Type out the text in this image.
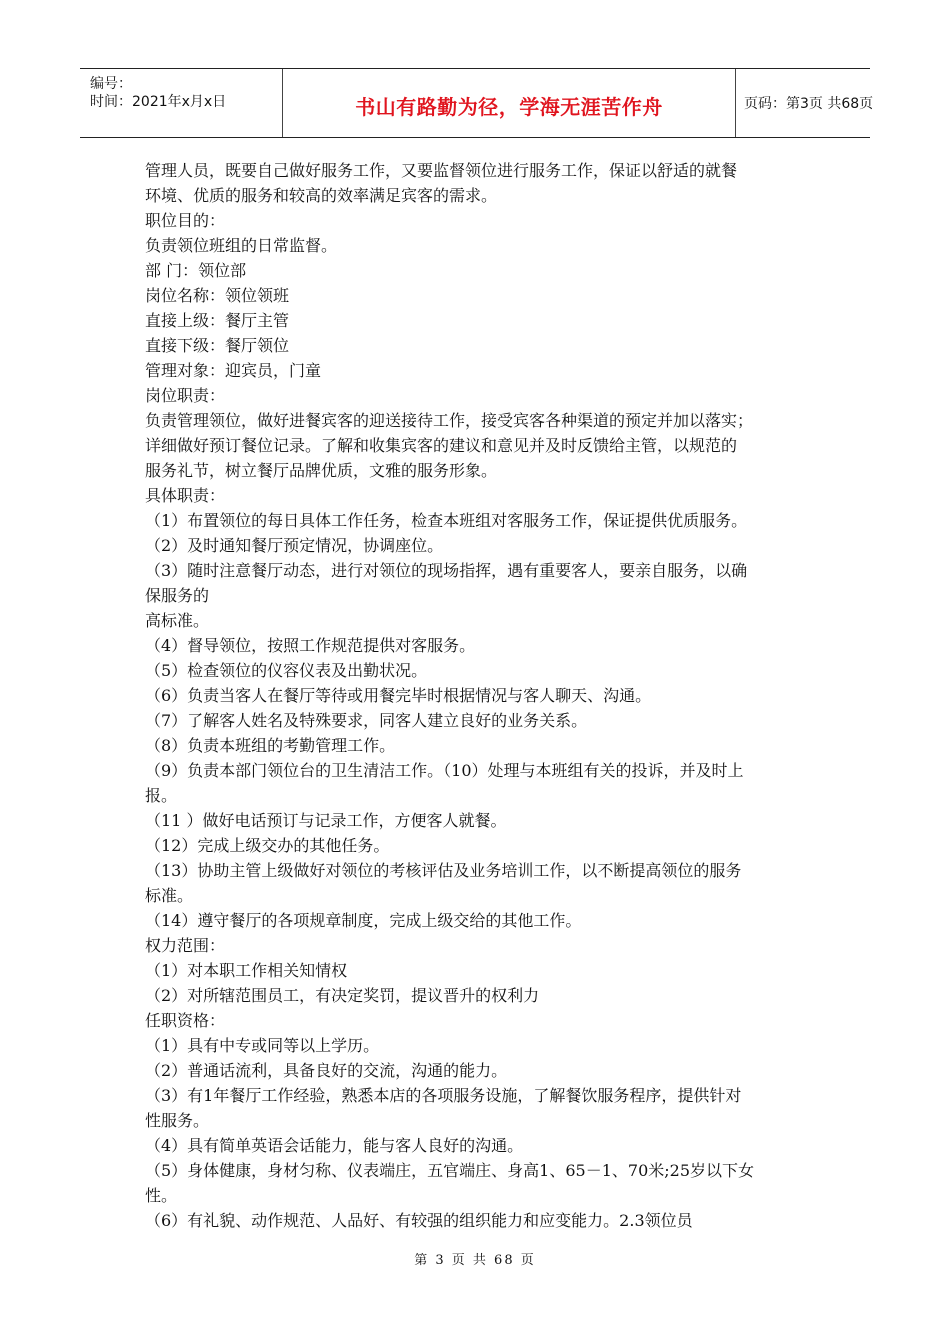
编号：
时间：2021年x月x日	书山有路勤为径，学海无涯苦作舟	页码：第3页 共68页
管理人员，既要自己做好服务工作，又要监督领位进行服务工作，保证以舒适的就餐
环境、优质的服务和较高的效率满足宾客的需求。
职位目的：
负责领位班组的日常监督。
部 门：领位部
岗位名称：领位领班
直接上级：餐厅主管
直接下级：餐厅领位
管理对象：迎宾员，门童
岗位职责：
负责管理领位，做好进餐宾客的迎送接待工作，接受宾客各种渠道的预定并加以落实；
详细做好预订餐位记录。了解和收集宾客的建议和意见并及时反馈给主管，以规范的
服务礼节，树立餐厅品牌优质，文雅的服务形象。
具体职责：
（1）布置领位的每日具体工作任务，检查本班组对客服务工作，保证提供优质服务。
（2）及时通知餐厅预定情况，协调座位。
（3）随时注意餐厅动态，进行对领位的现场指挥，遇有重要客人，要亲自服务，以确
保服务的
高标准。
（4）督导领位，按照工作规范提供对客服务。
（5）检查领位的仪容仪表及出勤状况。
（6）负责当客人在餐厅等待或用餐完毕时根据情况与客人聊天、沟通。
（7）了解客人姓名及特殊要求，同客人建立良好的业务关系。
（8）负责本班组的考勤管理工作。
（9）负责本部门领位台的卫生清洁工作。（10）处理与本班组有关的投诉，并及时上
报。
（11 ）做好电话预订与记录工作，方便客人就餐。
（12）完成上级交办的其他任务。
（13）协助主管上级做好对领位的考核评估及业务培训工作，以不断提高领位的服务
标准。
（14）遵守餐厅的各项规章制度，完成上级交给的其他工作。
权力范围：
（1）对本职工作相关知情权
（2）对所辖范围员工，有决定奖罚，提议晋升的权利力
任职资格：
（1）具有中专或同等以上学历。
（2）普通话流利，具备良好的交流，沟通的能力。
（3）有1年餐厅工作经验，熟悉本店的各项服务设施，了解餐饮服务程序，提供针对
性服务。
（4）具有简单英语会话能力，能与客人良好的沟通。
（5）身体健康，身材匀称、仪表端庄，五官端庄、身高1、65－1、70米;25岁以下女
性。
（6）有礼貌、动作规范、人品好、有较强的组织能力和应变能力。2.3领位员
第 3 页 共 68 页
